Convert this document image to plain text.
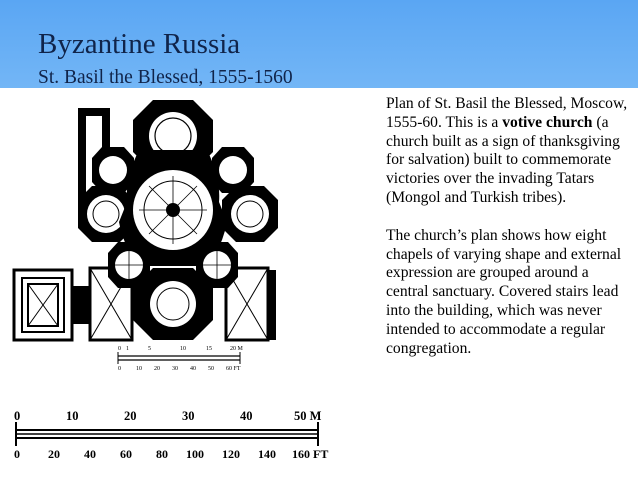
Byzantine Russia
St. Basil the Blessed, 1555-1560
0 1	5	10	15	20 M
0	10 20 30 40 50 60 FT
0	10	20	30	40	50 M
0 20 40 60 80 100 120 140 160 FT

Plan of St. Basil the Blessed, Moscow, 1555-60. This is a votive church (a church built as a sign of thanksgiving for salvation) built to commemorate victories over the invading Tatars (Mongol and Turkish tribes).

The church’s plan shows how eight chapels of varying shape and external expression are grouped around a central sanctuary. Covered stairs lead into the building, which was never intended to accommodate a regular congregation.
